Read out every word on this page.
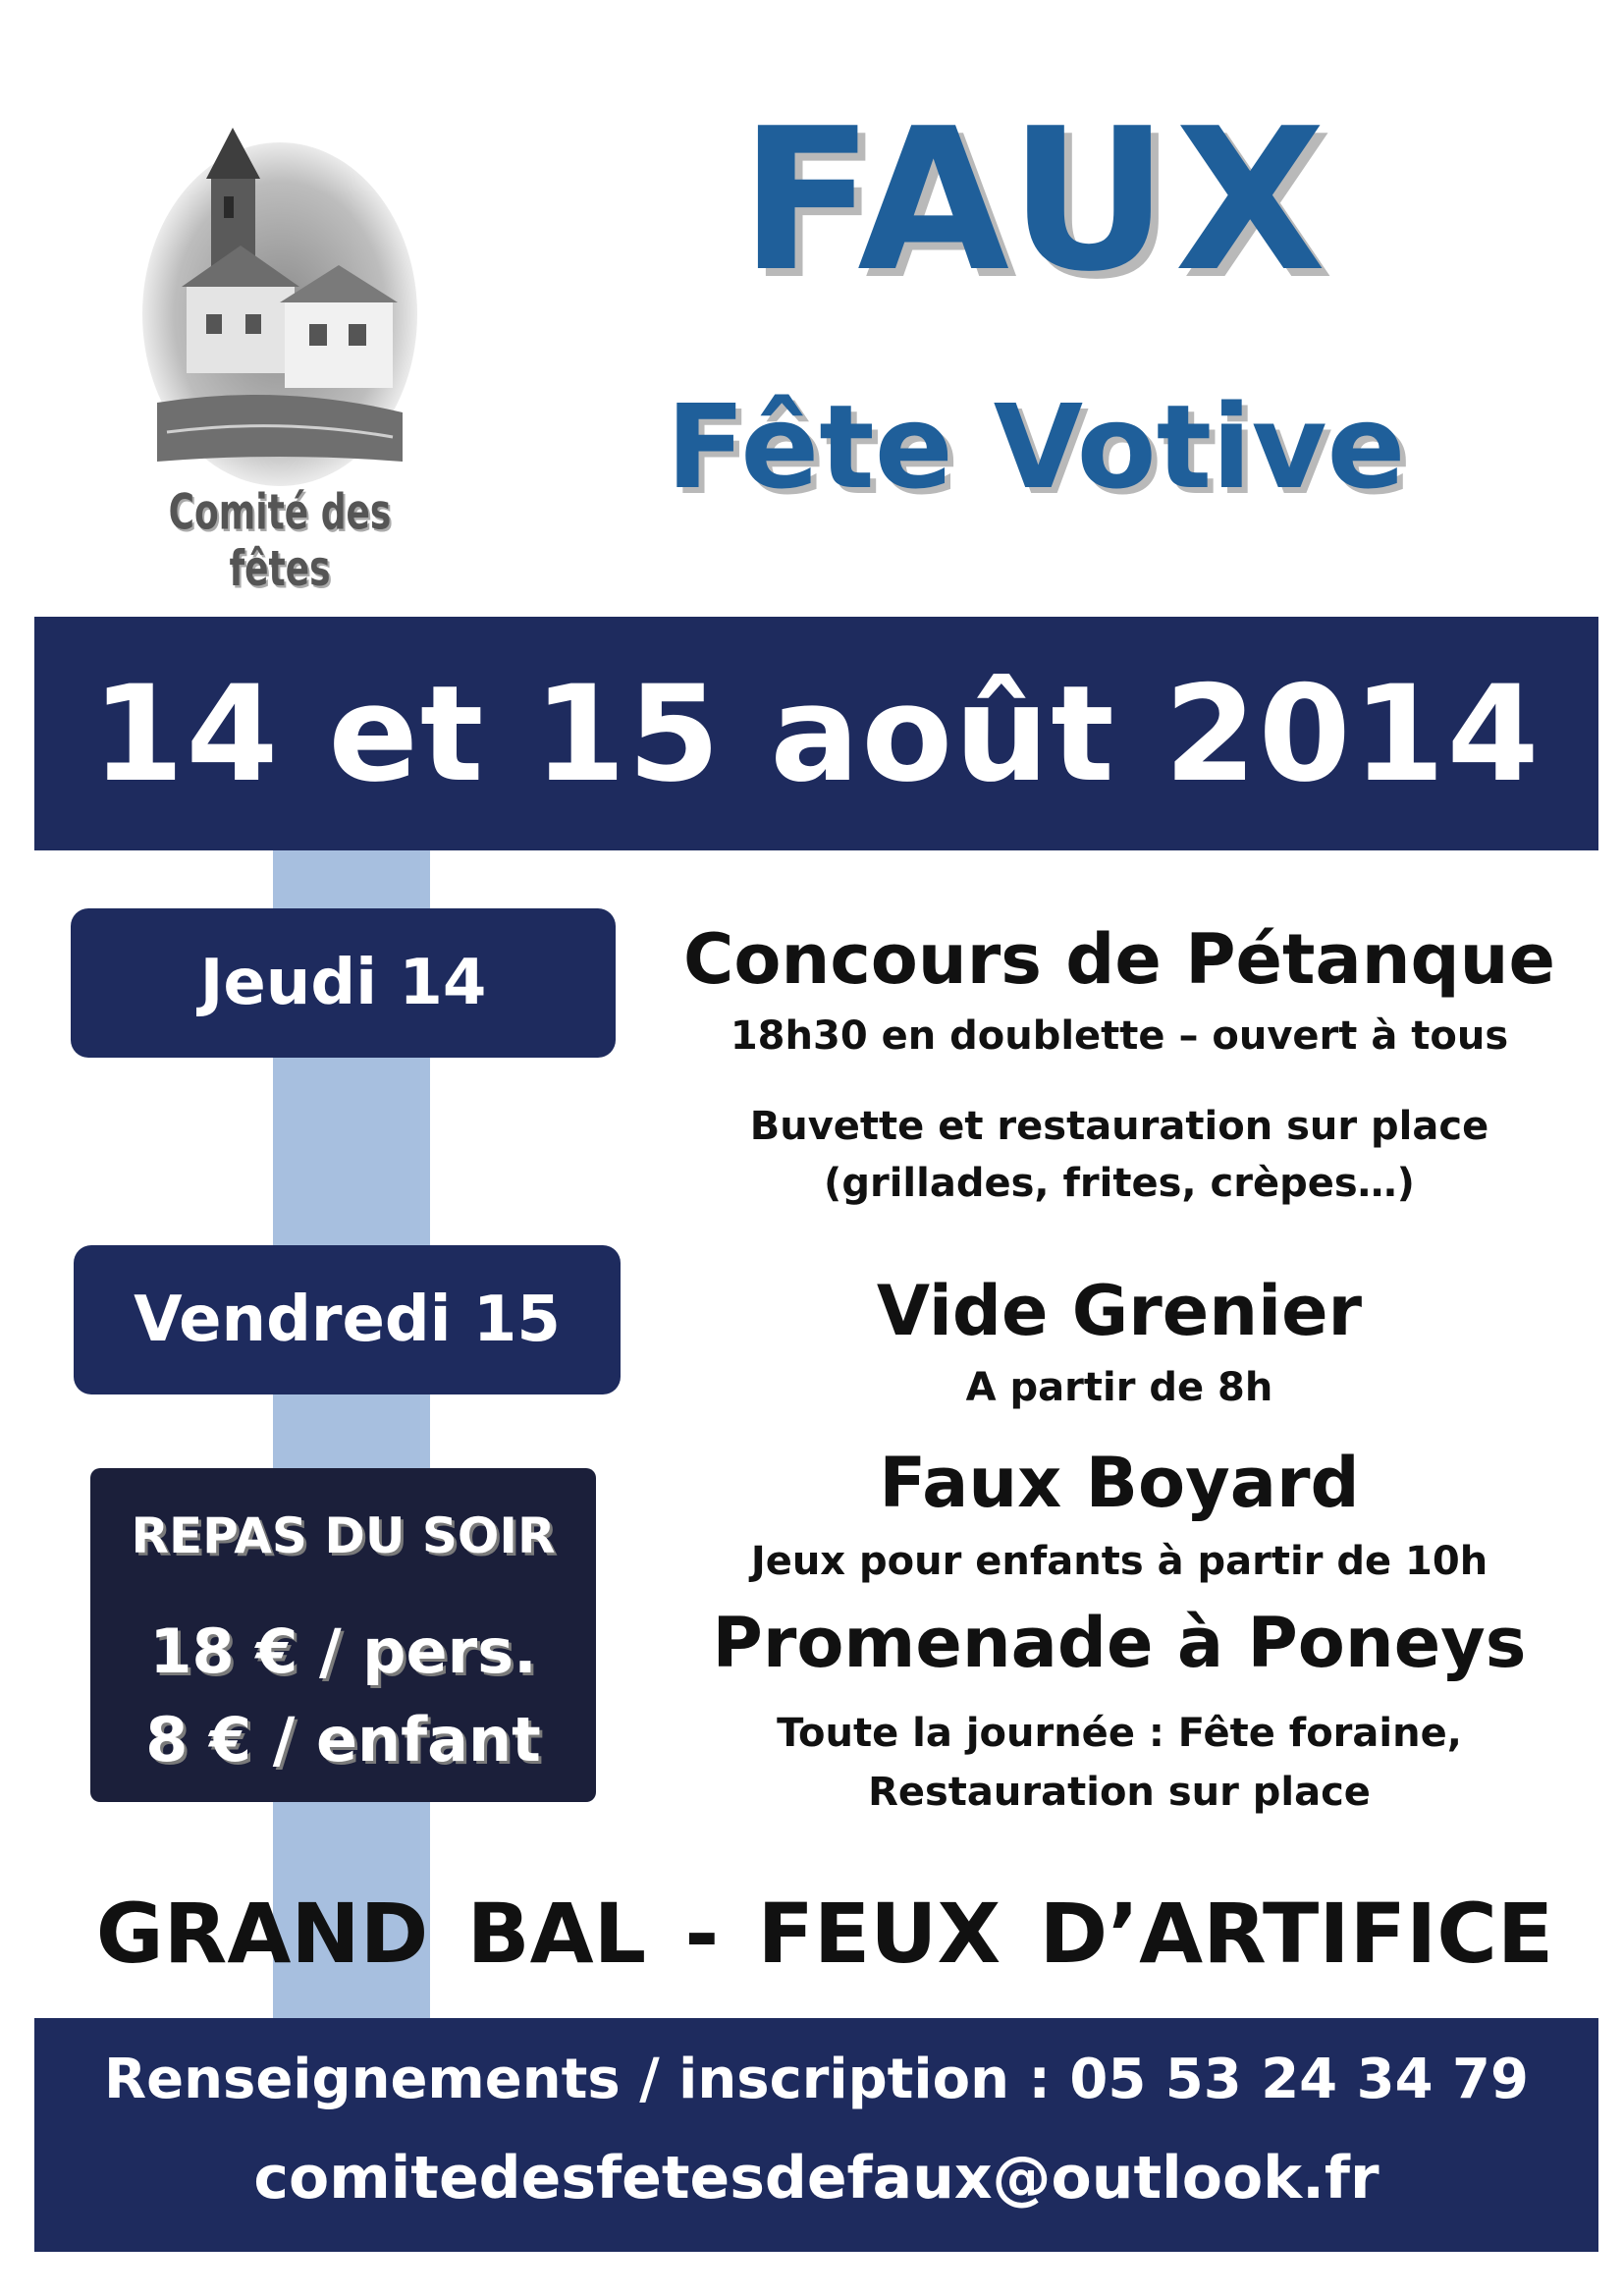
Comité des fêtes
FAUX
Fête Votive
14 et 15 août 2014
Jeudi 14
Vendredi 15
REPAS DU SOIR
18 € / pers.
8 € / enfant
Concours de Pétanque
18h30 en doublette – ouvert à tous
Buvette et restauration sur place
(grillades, frites, crèpes…)
Vide Grenier
A partir de 8h
Faux Boyard
Jeux pour enfants à partir de 10h
Promenade à Poneys
Toute la journée : Fête foraine,
Restauration sur place
GRAND BAL - FEUX D’ARTIFICE
Renseignements / inscription : 05 53 24 34 79
comitedesfetesdefaux@outlook.fr
